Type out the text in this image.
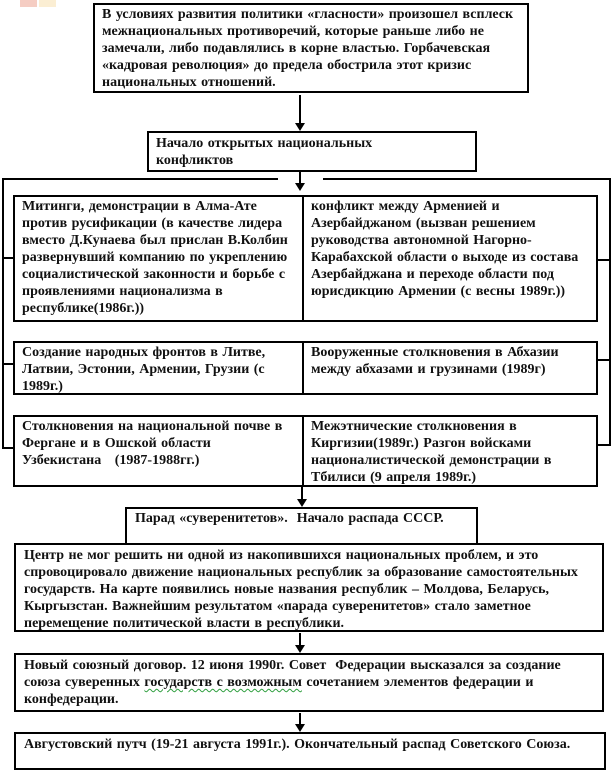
В условиях развития политики «гласности» произошел всплеск межнациональных противоречий, которые раньше либо не замечали, либо подавлялись в корне властью. Горбачевская «кадровая революция» до предела обострила этот кризис национальных отношений.
Начало открытых национальных конфликтов
Митинги, демонстрации в Алма-Ате против русификации (в качестве лидера вместо Д.Кунаева был прислан В.Колбин развернувший компанию по укреплению социалистической законности и борьбе с проявлениями национализма в республике(1986г.))
конфликт между Арменией и Азербайджаном (вызван решением руководства автономной Нагорно-Карабахской области о выходе из состава Азербайджана и переходе области под юрисдикцию Армении (с весны 1989г.))
Создание народных фронтов в Литве, Латвии, Эстонии, Армении, Грузии (с 1989г.)
Вооруженные столкновения в Абхазии между абхазами и грузинами (1989г)
Столкновения на национальной почве в Фергане и в Ошской области Узбекистана   (1987-1988гг.)
Межэтнические столкновения в Киргизии(1989г.) Разгон войсками националистической демонстрации в Тбилиси (9 апреля 1989г.)
Парад «суверенитетов».  Начало распада СССР.
Центр не мог решить ни одной из накопившихся национальных проблем, и это спровоцировало движение национальных республик за образование самостоятельных государств. На карте появились новые названия республик – Молдова, Беларусь, Кыргызстан. Важнейшим результатом «парада суверенитетов» стало заметное перемещение политической власти в республики.
Новый союзный договор. 12 июня 1990г. Совет  Федерации высказался за создание союза суверенных государств с возможным сочетанием элементов федерации и конфедерации.
Августовский путч (19-21 августа 1991г.). Окончательный распад Советского Союза.
